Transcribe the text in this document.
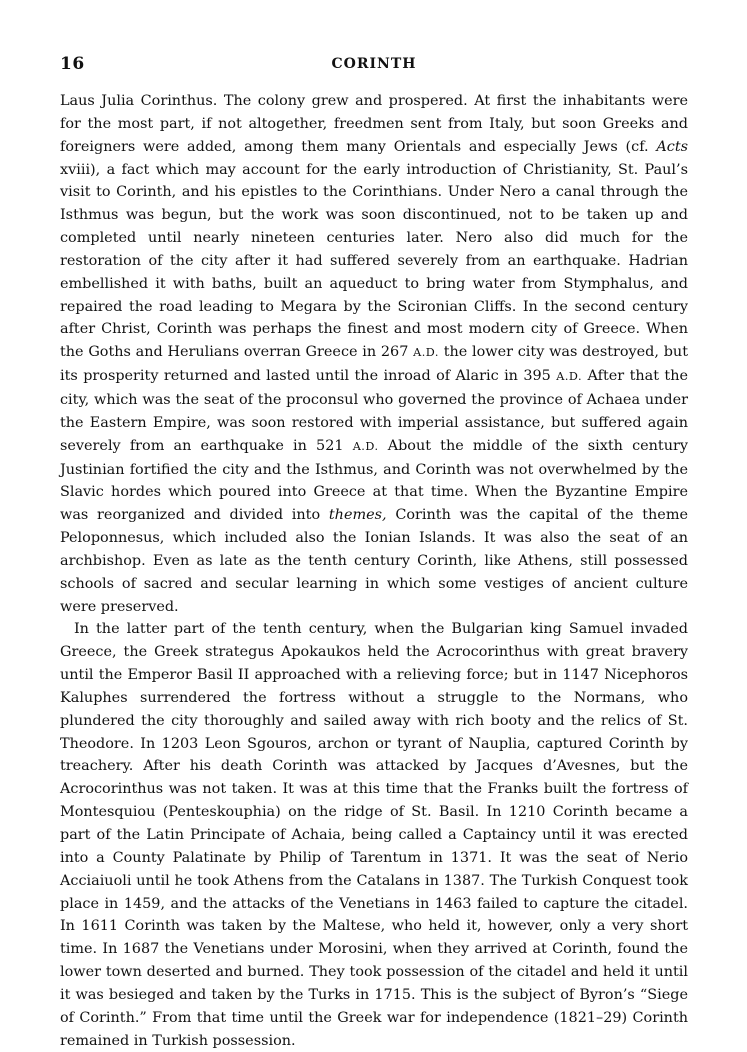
16	CORINTH

Laus Julia Corinthus. The colony grew and prospered. At first the inhabitants were for the most part, if not altogether, freedmen sent from Italy, but soon Greeks and foreigners were added, among them many Orientals and especially Jews (cf. Acts xviii), a fact which may account for the early introduction of Christianity, St. Paul’s visit to Corinth, and his epistles to the Corinthians. Under Nero a canal through the Isthmus was begun, but the work was soon discontinued, not to be taken up and completed until nearly nineteen centuries later. Nero also did much for the restoration of the city after it had suffered severely from an earthquake. Hadrian embellished it with baths, built an aqueduct to bring water from Stymphalus, and repaired the road leading to Megara by the Scironian Cliffs. In the second century after Christ, Corinth was perhaps the finest and most modern city of Greece. When the Goths and Herulians overran Greece in 267 A.D. the lower city was destroyed, but its prosperity returned and lasted until the inroad of Alaric in 395 A.D. After that the city, which was the seat of the proconsul who governed the province of Achaea under the Eastern Empire, was soon restored with imperial assistance, but suffered again severely from an earthquake in 521 A.D. About the middle of the sixth century Justinian fortified the city and the Isthmus, and Corinth was not overwhelmed by the Slavic hordes which poured into Greece at that time. When the Byzantine Empire was reorganized and divided into themes, Corinth was the capital of the theme Peloponnesus, which included also the Ionian Islands. It was also the seat of an archbishop. Even as late as the tenth century Corinth, like Athens, still possessed schools of sacred and secular learning in which some vestiges of ancient culture were preserved.

In the latter part of the tenth century, when the Bulgarian king Samuel invaded Greece, the Greek strategus Apokaukos held the Acrocorinthus with great bravery until the Emperor Basil II approached with a relieving force; but in 1147 Nicephoros Kaluphes surrendered the fortress without a struggle to the Normans, who plundered the city thoroughly and sailed away with rich booty and the relics of St. Theodore. In 1203 Leon Sgouros, archon or tyrant of Nauplia, captured Corinth by treachery. After his death Corinth was attacked by Jacques d’Avesnes, but the Acrocorinthus was not taken. It was at this time that the Franks built the fortress of Montesquiou (Penteskouphia) on the ridge of St. Basil. In 1210 Corinth became a part of the Latin Principate of Achaia, being called a Captaincy until it was erected into a County Palatinate by Philip of Tarentum in 1371. It was the seat of Nerio Acciaiuoli until he took Athens from the Catalans in 1387. The Turkish Conquest took place in 1459, and the attacks of the Venetians in 1463 failed to capture the citadel. In 1611 Corinth was taken by the Maltese, who held it, however, only a very short time. In 1687 the Venetians under Morosini, when they arrived at Corinth, found the lower town deserted and burned. They took possession of the citadel and held it until it was besieged and taken by the Turks in 1715. This is the subject of Byron’s “Siege of Corinth.” From that time until the Greek war for independence (1821–29) Corinth remained in Turkish possession.
